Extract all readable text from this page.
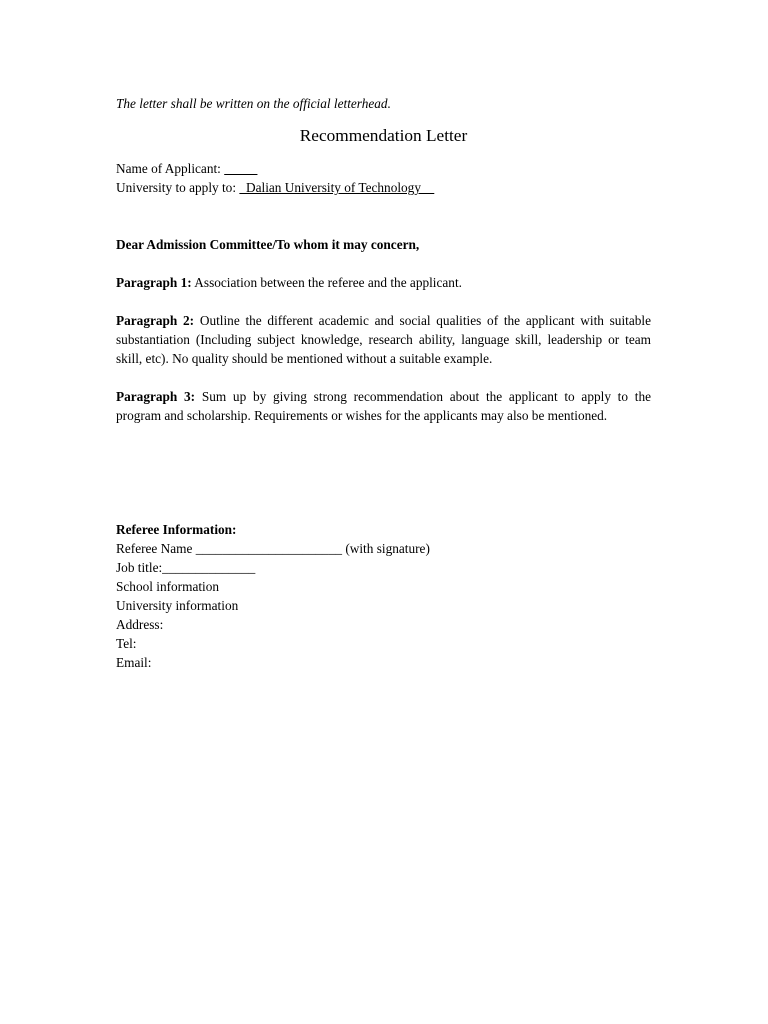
The letter shall be written on the official letterhead.

Recommendation Letter

Name of Applicant:

University to apply to:   Dalian University of Technology

Dear Admission Committee/To whom it may concern,

Paragraph 1: Association between the referee and the applicant.

Paragraph 2: Outline the different academic and social qualities of the applicant with suitable substantiation (Including subject knowledge, research ability, language skill, leadership or team skill, etc). No quality should be mentioned without a suitable example.

Paragraph 3: Sum up by giving strong recommendation about the applicant to apply to the program and scholarship. Requirements or wishes for the applicants may also be mentioned.

Referee Information:

Referee Name ______________________ (with signature)

Job title:______________

School information

University information

Address:

Tel:

Email:
